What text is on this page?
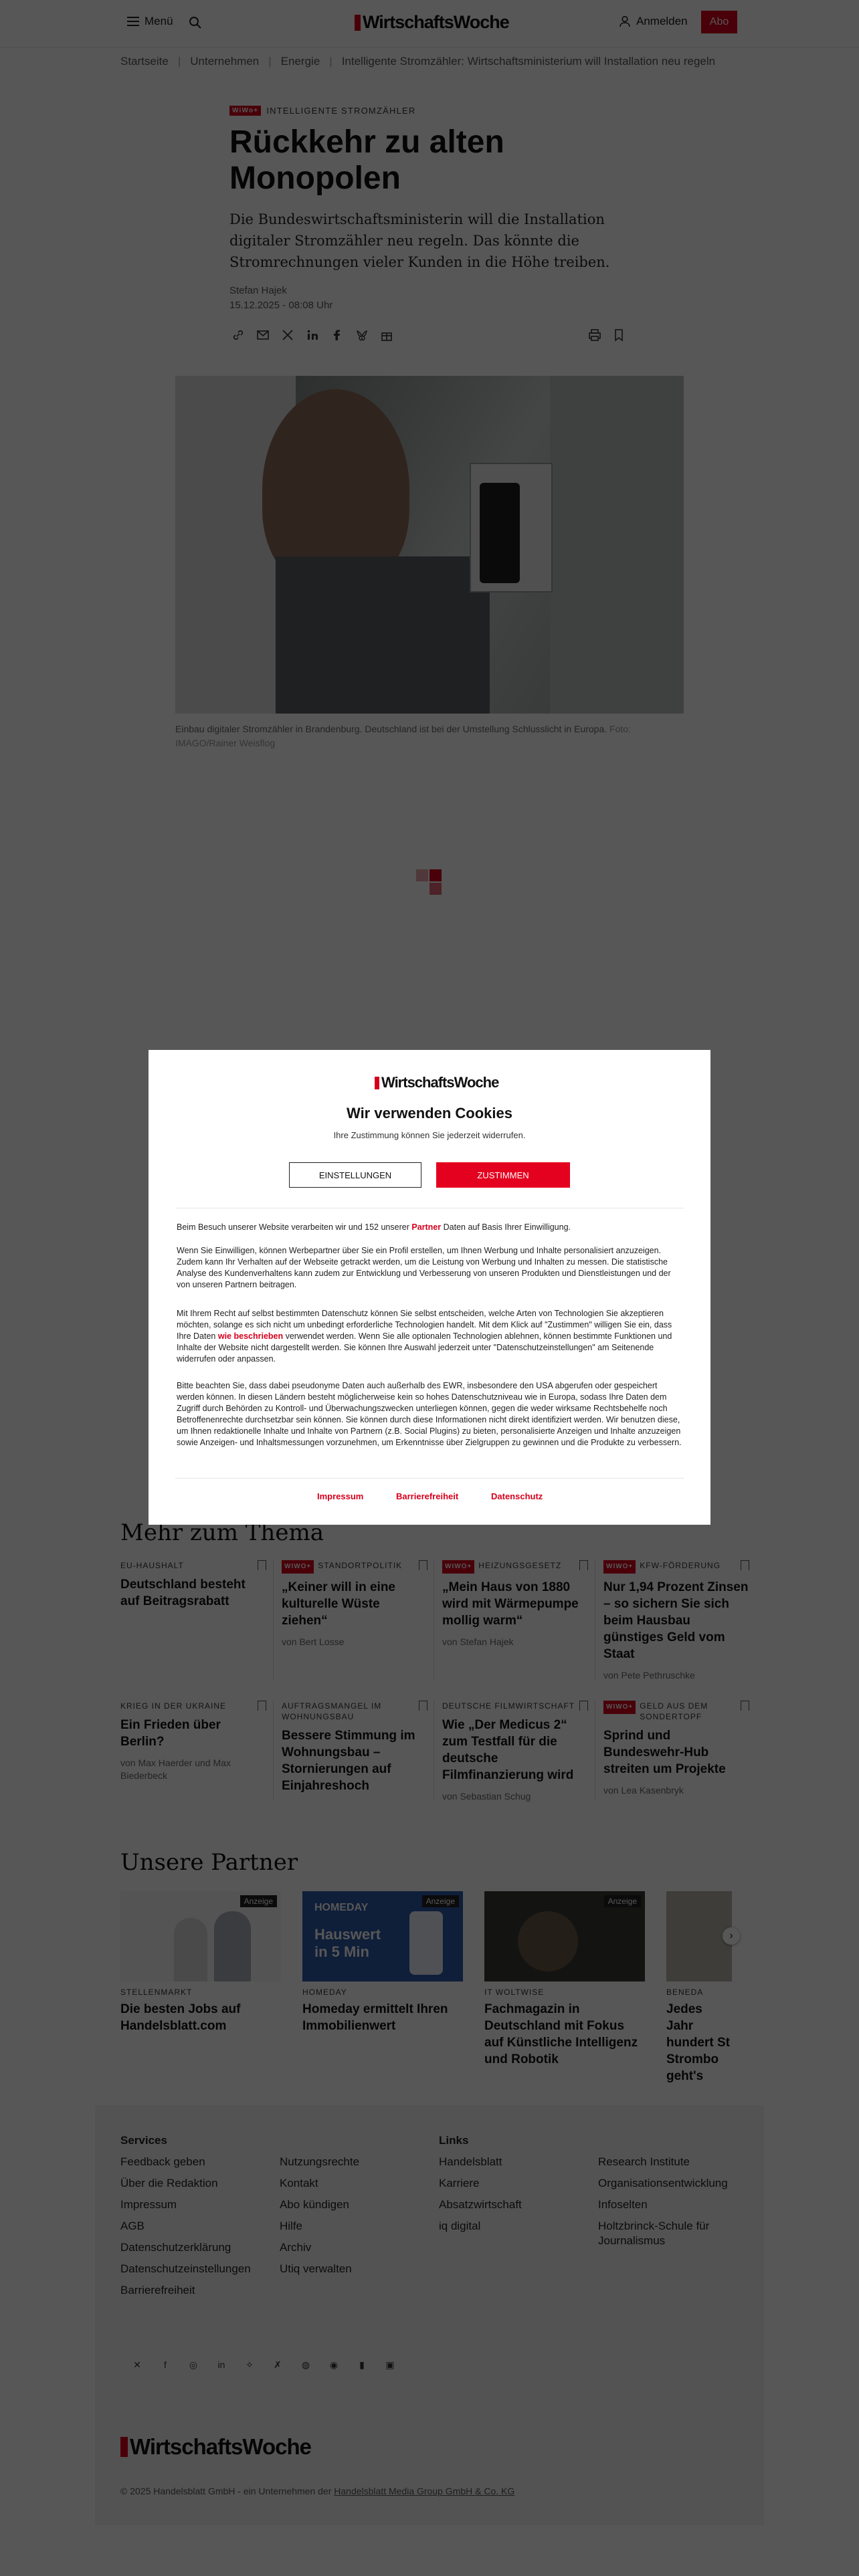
WirtschaftsWoche
Wir verwenden Cookies
Ihre Zustimmung können Sie jederzeit widerrufen.
EINSTELLUNGEN	ZUSTIMMEN
Beim Besuch unserer Website verarbeiten wir und 152 unserer Partner Daten auf Basis Ihrer Einwilligung.
Wenn Sie Einwilligen, können Werbepartner über Sie ein Profil erstellen, um Ihnen Werbung und Inhalte personalisiert anzuzeigen. Zudem kann Ihr Verhalten auf der Webseite getrackt werden, um die Leistung von Werbung und Inhalten zu messen. Die statistische Analyse des Kundenverhaltens kann zudem zur Entwicklung und Verbesserung von unseren Produkten und Dienstleistungen und der von unseren Partnern beitragen.
Mit Ihrem Recht auf selbst bestimmten Datenschutz können Sie selbst entscheiden, welche Arten von Technologien Sie akzeptieren möchten, solange es sich nicht um unbedingt erforderliche Technologien handelt. Mit dem Klick auf "Zustimmen" willigen Sie ein, dass Ihre Daten wie beschrieben verwendet werden. Wenn Sie alle optionalen Technologien ablehnen, können bestimmte Funktionen und Inhalte der Website nicht dargestellt werden. Sie können Ihre Auswahl jederzeit unter "Datenschutzeinstellungen" am Seitenende widerrufen oder anpassen.
Bitte beachten Sie, dass dabei pseudonyme Daten auch außerhalb des EWR, insbesondere den USA abgerufen oder gespeichert werden können. In diesen Ländern besteht möglicherweise kein so hohes Datenschutzniveau wie in Europa, sodass Ihre Daten dem Zugriff durch Behörden zu Kontroll- und Überwachungszwecken unterliegen können, gegen die weder wirksame Rechtsbehelfe noch Betroffenenrechte durchsetzbar sein können. Sie können durch diese Informationen nicht direkt identifiziert werden. Wir benutzen diese, um Ihnen redaktionelle Inhalte und Inhalte von Partnern (z.B. Social Plugins) zu bieten, personalisierte Anzeigen und Inhalte anzuzeigen sowie Anzeigen- und Inhaltsmessungen vorzunehmen, um Erkenntnisse über Zielgruppen zu gewinnen und die Produkte zu verbessern.
Impressum	Barrierefreiheit	Datenschutz
